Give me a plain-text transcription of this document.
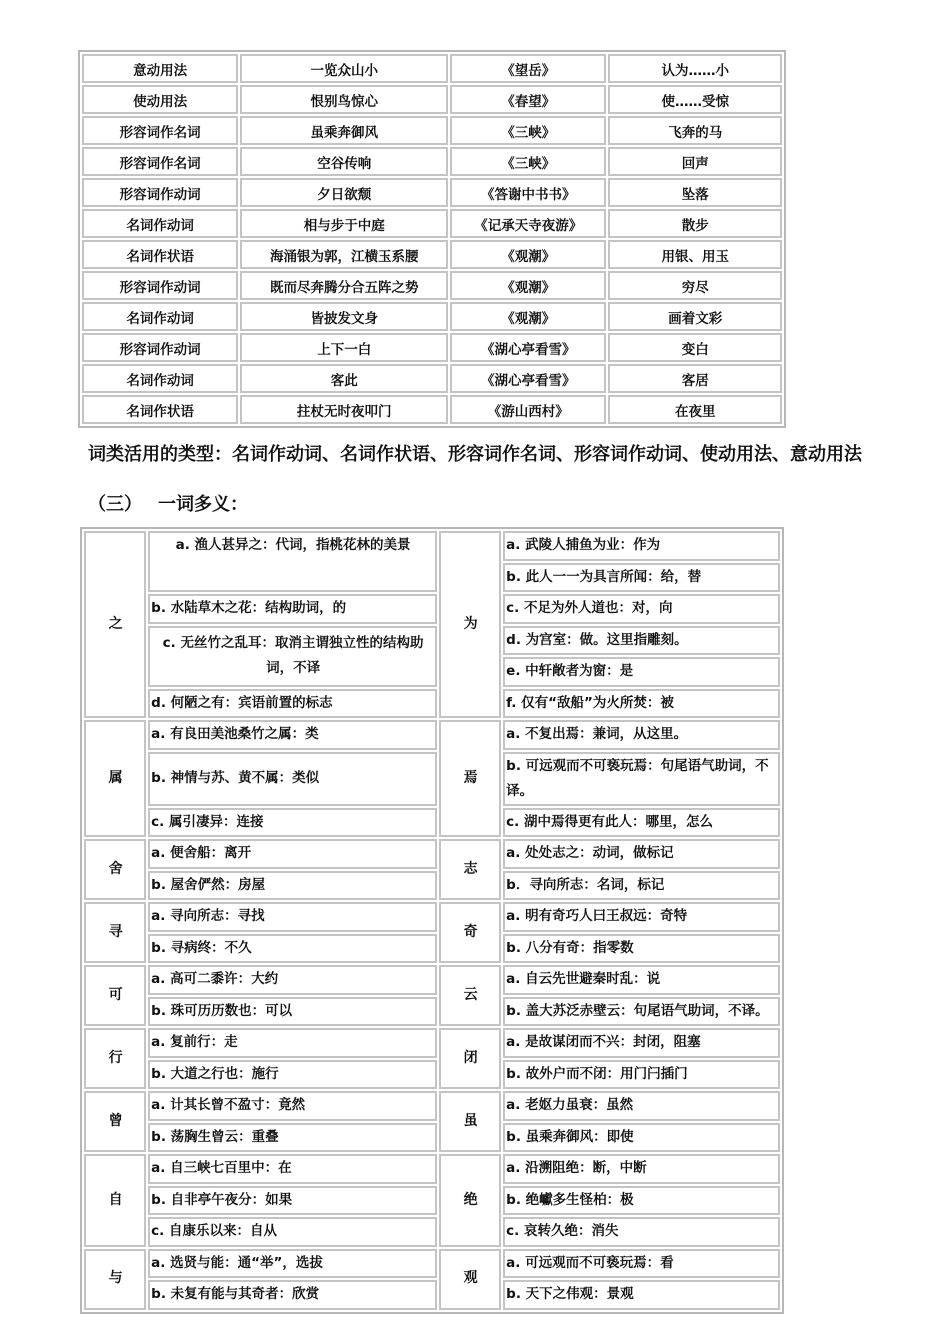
意动用法	一览众山小	《望岳》	认为……小
使动用法	恨别鸟惊心	《春望》	使……受惊
形容词作名词	虽乘奔御风	《三峡》	飞奔的马
形容词作名词	空谷传响	《三峡》	回声
形容词作动词	夕日欲颓	《答谢中书书》	坠落
名词作动词	相与步于中庭	《记承天寺夜游》	散步
名词作状语	海涌银为郭，江横玉系腰	《观潮》	用银、用玉
形容词作动词	既而尽奔腾分合五阵之势	《观潮》	穷尽
名词作动词	皆披发文身	《观潮》	画着文彩
形容词作动词	上下一白	《湖心亭看雪》	变白
名词作动词	客此	《湖心亭看雪》	客居
名词作状语	拄杖无时夜叩门	《游山西村》	在夜里
词类活用的类型：名词作动词、名词作状语、形容词作名词、形容词作动词、使动用法、意动用法
（三） 一词多义：
之	a. 渔人甚异之：代词，指桃花林的美景	为	a. 武陵人捕鱼为业：作为
			b. 此人一一为具言所闻：给，替
	b. 水陆草木之花：结构助词，的		c. 不足为外人道也：对，向
	c. 无丝竹之乱耳：取消主谓独立性的结构助词，不译		d. 为宫室：做。这里指雕刻。
			e. 中轩敞者为窗：是
	d. 何陋之有：宾语前置的标志		f. 仅有“敌船”为火所焚：被
属	a. 有良田美池桑竹之属：类	焉	a. 不复出焉：兼词，从这里。
	b. 神情与苏、黄不属：类似		b. 可远观而不可亵玩焉：句尾语气助词，不译。
	c. 属引凄异：连接		c. 湖中焉得更有此人：哪里，怎么
舍	a. 便舍船：离开	志	a. 处处志之：动词，做标记
	b. 屋舍俨然：房屋		b．寻向所志：名词，标记
寻	a. 寻向所志：寻找	奇	a. 明有奇巧人曰王叔远：奇特
	b. 寻病终：不久		b. 八分有奇：指零数
可	a. 高可二黍许：大约	云	a. 自云先世避秦时乱：说
	b. 珠可历历数也：可以		b. 盖大苏泛赤壁云：句尾语气助词，不译。
行	a. 复前行：走	闭	a. 是故谋闭而不兴：封闭，阻塞
	b. 大道之行也：施行		b. 故外户而不闭：用门闩插门
曾	a. 计其长曾不盈寸：竟然	虽	a. 老妪力虽衰：虽然
	b. 荡胸生曾云：重叠		b. 虽乘奔御风：即使
自	a. 自三峡七百里中：在	绝	a. 沿溯阻绝：断，中断
	b. 自非亭午夜分：如果		b. 绝巘多生怪柏：极
	c. 自康乐以来：自从		c. 哀转久绝：消失
与	a. 选贤与能：通“举”，选拔	观	a. 可远观而不可亵玩焉：看
	b. 未复有能与其奇者：欣赏		b. 天下之伟观：景观
